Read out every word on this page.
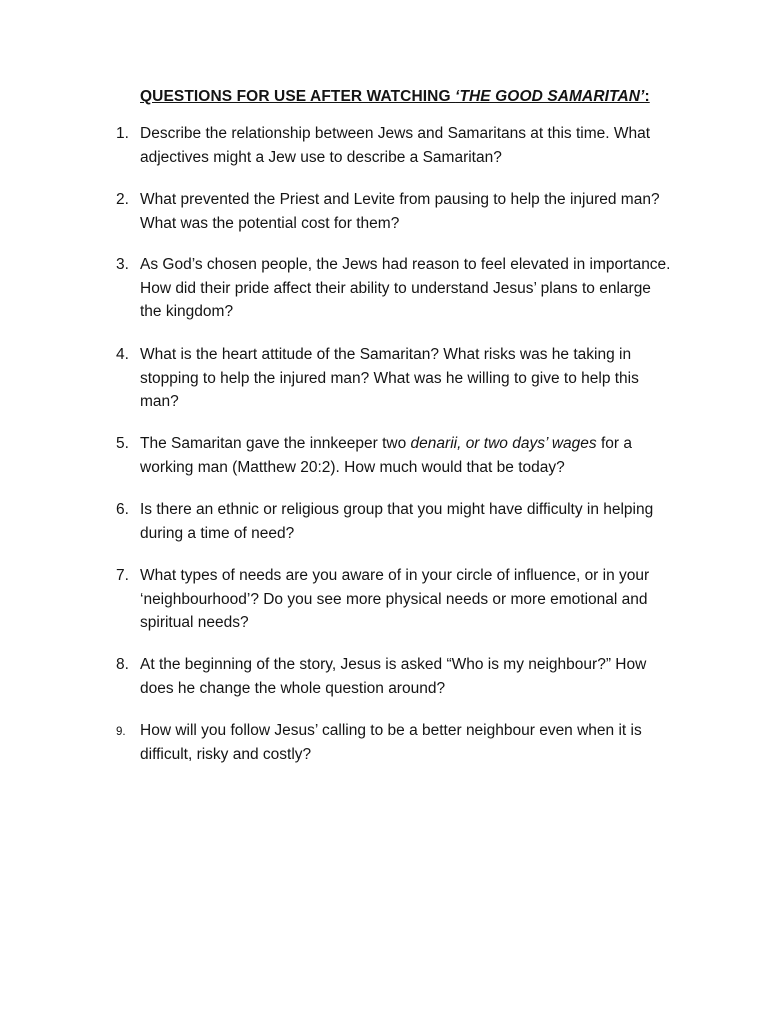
QUESTIONS FOR USE AFTER WATCHING ‘THE GOOD SAMARITAN’:
1. Describe the relationship between Jews and Samaritans at this time. What adjectives might a Jew use to describe a Samaritan?
2. What prevented the Priest and Levite from pausing to help the injured man? What was the potential cost for them?
3. As God’s chosen people, the Jews had reason to feel elevated in importance. How did their pride affect their ability to understand Jesus’ plans to enlarge the kingdom?
4. What is the heart attitude of the Samaritan? What risks was he taking in stopping to help the injured man? What was he willing to give to help this man?
5. The Samaritan gave the innkeeper two denarii, or two days’ wages for a working man (Matthew 20:2). How much would that be today?
6. Is there an ethnic or religious group that you might have difficulty in helping during a time of need?
7. What types of needs are you aware of in your circle of influence, or in your ‘neighbourhood’? Do you see more physical needs or more emotional and spiritual needs?
8. At the beginning of the story, Jesus is asked “Who is my neighbour?” How does he change the whole question around?
9. How will you follow Jesus’ calling to be a better neighbour even when it is difficult, risky and costly?
